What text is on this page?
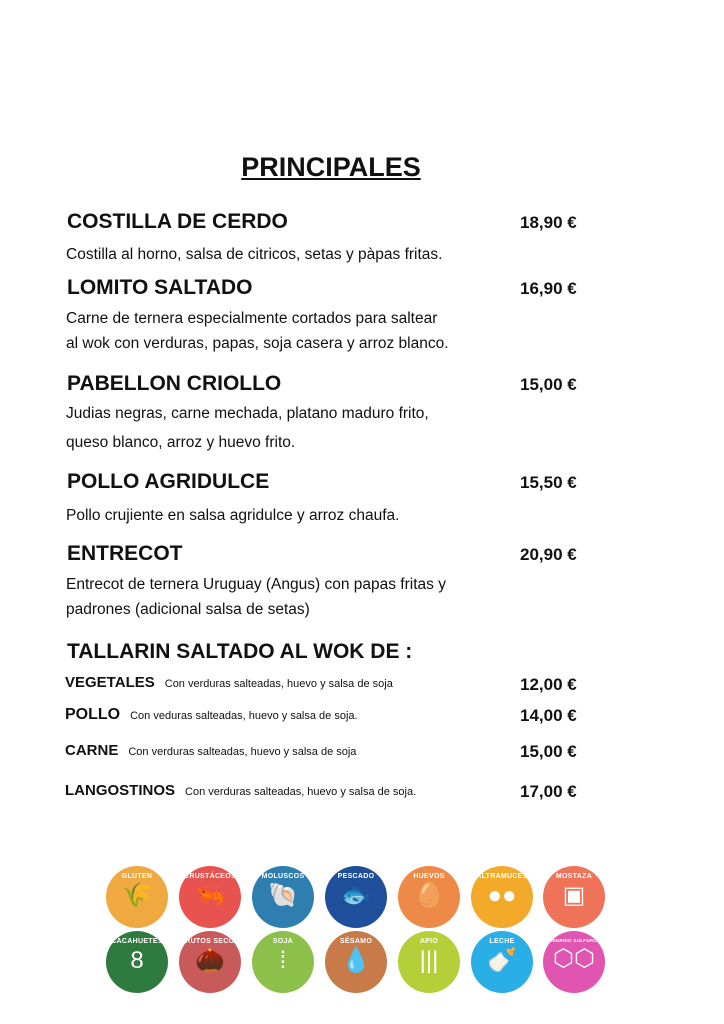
PRINCIPALES
COSTILLA DE CERDO	18,90 €
Costilla al horno, salsa de citricos, setas y pàpas fritas.
LOMITO SALTADO	16,90 €
Carne de ternera especialmente cortados para saltear
al wok con verduras, papas, soja casera y arroz blanco.
PABELLON CRIOLLO	15,00 €
Judias negras, carne mechada, platano maduro frito,
queso blanco, arroz y huevo frito.
POLLO AGRIDULCE	15,50 €
Pollo crujiente en salsa agridulce y arroz chaufa.
ENTRECOT	20,90 €
Entrecot de ternera Uruguay (Angus) con papas fritas y
padrones (adicional salsa de setas)
TALLARIN SALTADO AL WOK DE :
VEGETALES Con verduras salteadas, huevo y salsa de soja	12,00 €
POLLO Con veduras salteadas, huevo y salsa de soja.	14,00 €
CARNE Con verduras salteadas, huevo y salsa de soja	15,00 €
LANGOSTINOS Con verduras salteadas, huevo y salsa de soja.	17,00 €
GLUTEN
🌾
CRUSTÁCEOS
🦐
MOLUSCOS
🐚
PESCADO
🐟
HUEVOS
🥚
ALTRAMUCES
●●
MOSTAZA
▣
CACAHUETES
8
FRUTOS SECOS
🌰
SOJA
⁞
SÉSAMO
💧
APIO
|||
LECHE
🍼
ANHÍDRIDO SULFUROSO
⬡⬡
